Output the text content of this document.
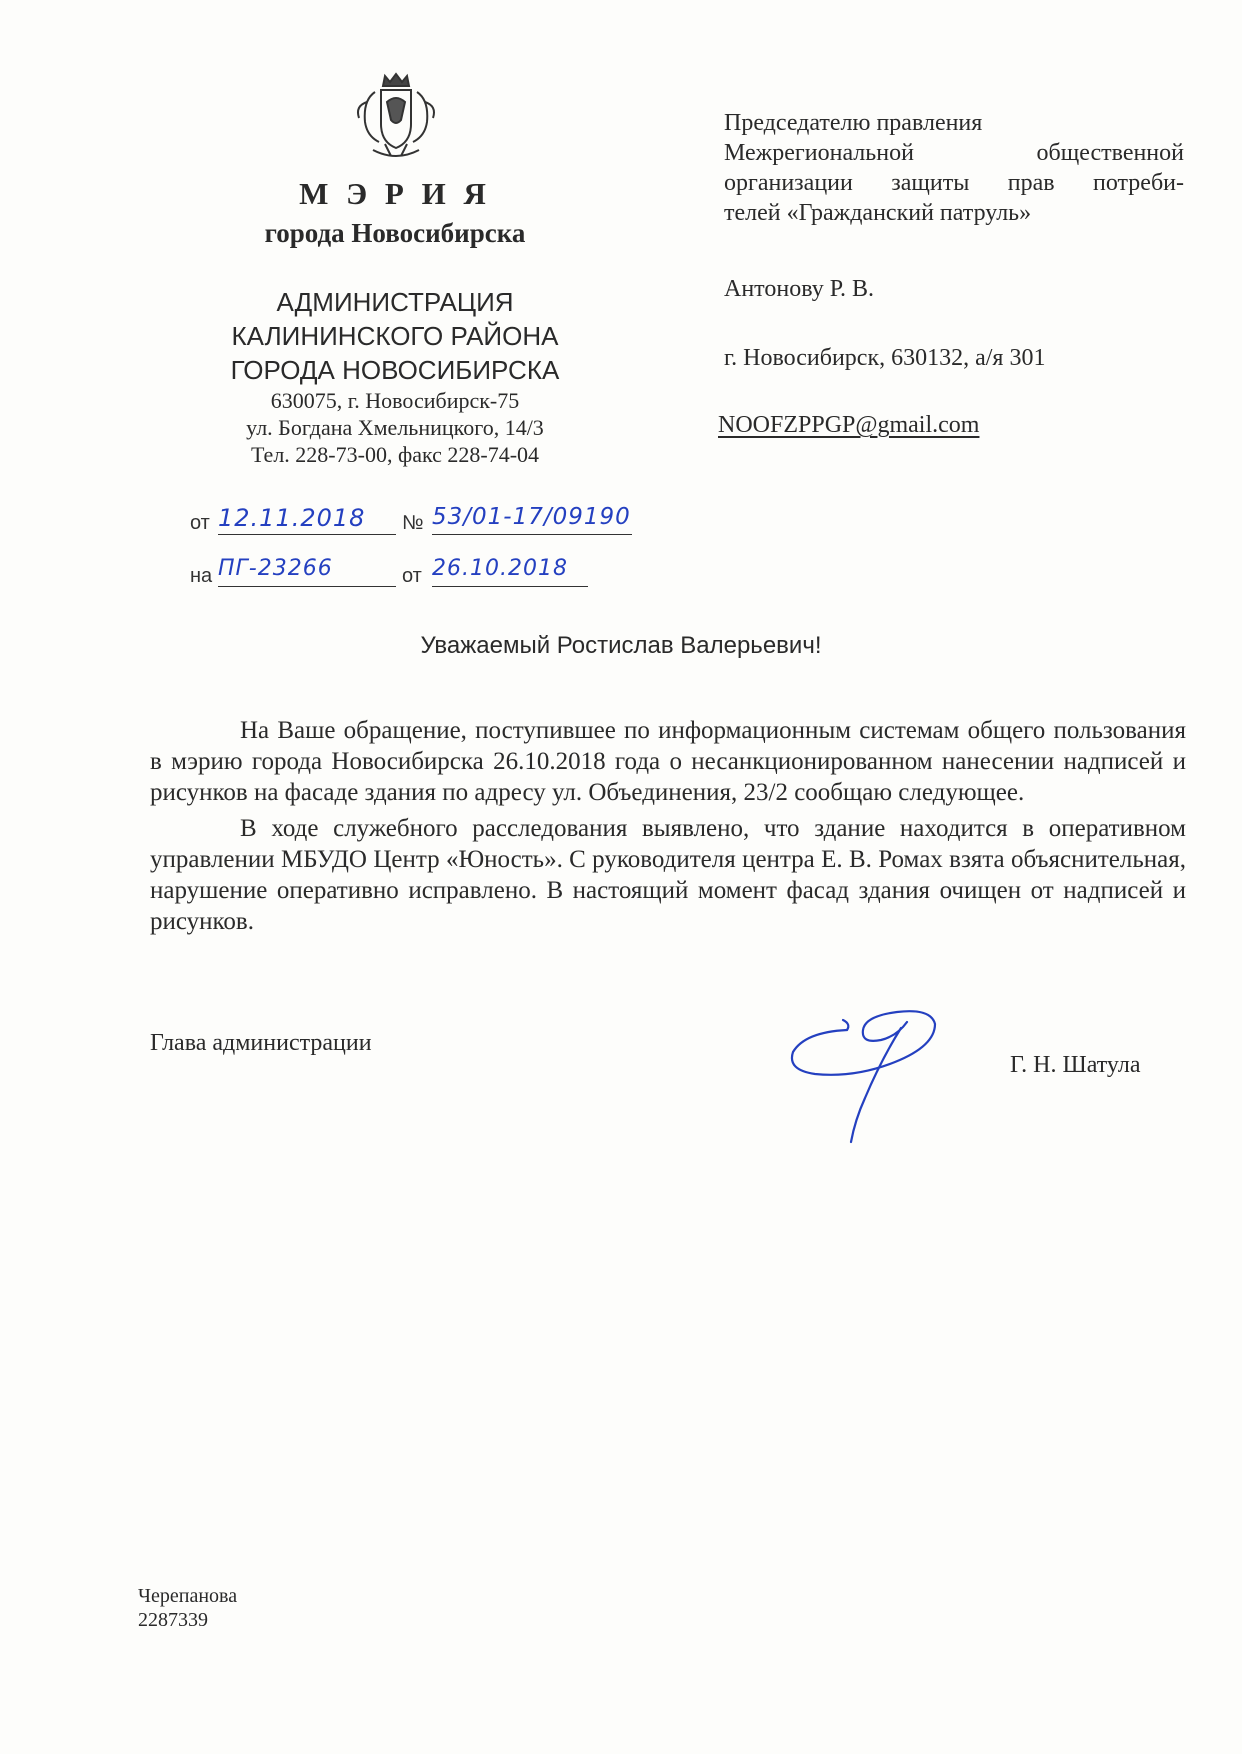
М Э Р И Я
города Новосибирска
АДМИНИСТРАЦИЯ
КАЛИНИНСКОГО РАЙОНА
ГОРОДА НОВОСИБИРСКА
630075, г. Новосибирск-75
ул. Богдана Хмельницкого, 14/3
Тел. 228-73-00, факс 228-74-04
от 12.11.2018	№ 53/01-17/09190
на ПГ-23266	от 26.10.2018
Председателю правления
Межрегиональной общественной
организации защиты прав потреби-
телей «Гражданский патруль»
Антонову Р. В.
г. Новосибирск, 630132, а/я 301
NOOFZPPGP@gmail.com
Уважаемый Ростислав Валерьевич!

На Ваше обращение, поступившее по информационным системам общего пользования в мэрию города Новосибирска 26.10.2018 года о несанкционированном нанесении надписей и рисунков на фасаде здания по адресу ул. Объединения, 23/2 сообщаю следующее.

В ходе служебного расследования выявлено, что здание находится в оперативном управлении МБУДО Центр «Юность». С руководителя центра Е. В. Ромах взята объяснительная, нарушение оперативно исправлено. В настоящий момент фасад здания очищен от надписей и рисунков.

Глава администрации
Г. Н. Шатула
Черепанова
2287339
